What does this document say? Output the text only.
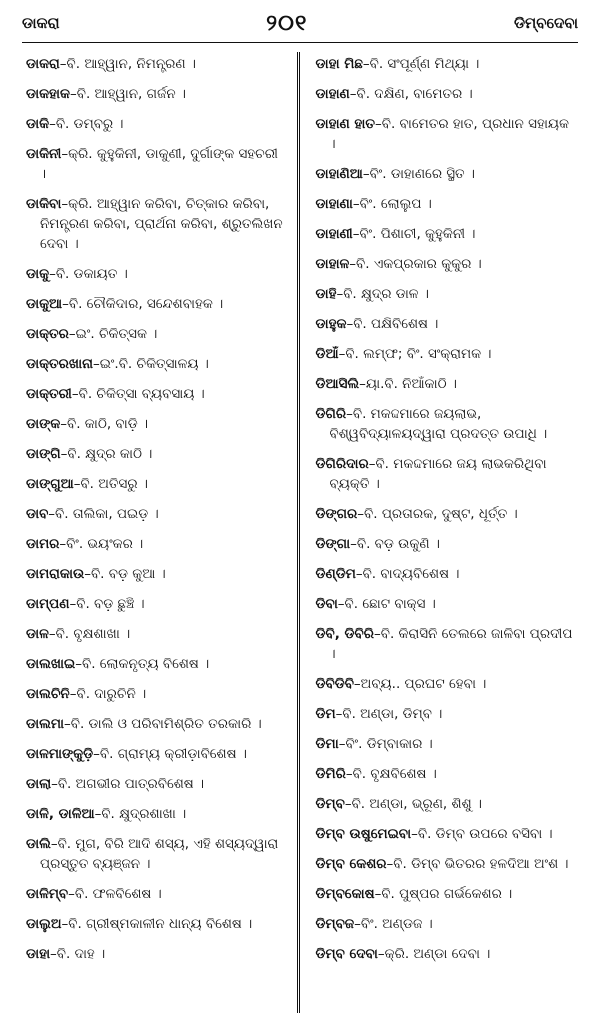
ଡାକରା	୨୦୧	ଡିମ୍ବଦେବା
ଡାକରା–ବି. ଆହ୍ୱାନ, ନିମନ୍ତ୍ରଣ ।
ଡାକହାକ–ବି. ଆହ୍ୱାନ, ଗର୍ଜନ ।
ଡାକି–ବି. ଡମ୍ବରୁ ।
ଡାକିନୀ–କ୍ରି. କୁହୁକିନୀ, ଡାକୁଣୀ, ଦୁର୍ଗାଙ୍କ ସହଚରୀ ।
ଡାକିବା–କ୍ରି. ଆହ୍ୱାନ କରିବା, ଚିତ୍କାର କରିବା, ନିମନ୍ତ୍ରଣ କରିବା, ପ୍ରାର୍ଥନା କରିବା, ଶ୍ରୁତଲିଖନ ଦେବା ।
ଡାକୁ–ବି. ଡକାୟତ ।
ଡାକୁଆ–ବି. ଚୌକିଦାର, ସନ୍ଦେଶବାହକ ।
ଡାକ୍ତର–ଇଂ. ଚିକିତ୍ସକ ।
ଡାକ୍ତରଖାନା–ଇଂ.ବି. ଚିକିତ୍ସାଳୟ ।
ଡାକ୍ତରୀ–ବି. ଚିକିତ୍ସା ବ୍ୟବସାୟ ।
ଡାଙ୍କ–ବି. କାଠି, ବାଡ଼ି ।
ଡାଙ୍ଗି–ବି. କ୍ଷୁଦ୍ର କାଠି ।
ଡାଙ୍ଗୁଆ–ବି. ଅତିସରୁ ।
ଡାବ–ବି. ତାଲିକା, ପଇଡ଼ ।
ଡାମର–ବିଂ. ଭୟଂକର ।
ଡାମରାକାଉ–ବି. ବଡ଼ କୁଆ ।
ଡାମ୍ପଣ–ବି. ବଡ଼ ଛୁଞ୍ଚି ।
ଡାଳ–ବି. ବୃକ୍ଷଶାଖା ।
ଡାଲଖାଇ–ବି. ଲୋକନୃତ୍ୟ ବିଶେଷ ।
ଡାଲଚିନି–ବି. ଦାରୁଚିନି ।
ଡାଲମା–ବି. ଡାଲି ଓ ପରିବାମିଶ୍ରିତ ତରକାରି ।
ଡାଳମାଙ୍କୁଡ଼ି–ବି. ଗ୍ରାମ୍ୟ କ୍ରୀଡ଼ାବିଶେଷ ।
ଡାଲା–ବି. ଅଗଭୀର ପାତ୍ରବିଶେଷ ।
ଡାଳି, ଡାଳିଆ–ବି. କ୍ଷୁଦ୍ରଶାଖା ।
ଡାଲି–ବି. ମୁଗ, ବିରି ଆଦି ଶସ୍ୟ, ଏହି ଶସ୍ୟଦ୍ୱାରା ପ୍ରସ୍ତୁତ ବ୍ୟଞ୍ଜନ ।
ଡାଳିମ୍ବ–ବି. ଫଳବିଶେଷ ।
ଡାଲୁଅ–ବି. ଗ୍ରୀଷ୍ମକାଳୀନ ଧାନ୍ୟ ବିଶେଷ ।
ଡାହା–ବି. ଦାହ ।
ଡାହା ମିଛ–ବି. ସଂପୂର୍ଣ୍ଣ ମିଥ୍ୟା ।
ଡାହାଣ–ବି. ଦକ୍ଷିଣ, ବାମେତର ।
ଡାହାଣ ହାତ–ବି. ବାମେତର ହାତ, ପ୍ରଧାନ ସହାୟକ ।
ଡାହାଣିଆ–ବିଂ. ଡାହାଣରେ ସ୍ଥିତ ।
ଡାହାଣା–ବିଂ. ଲୋଲୁପ ।
ଡାହାଣୀ–ବିଂ. ପିଶାଚୀ, କୁହୁକିନୀ ।
ଡାହାଳ–ବି. ଏକପ୍ରକାର କୁକୁର ।
ଡାହି–ବି. କ୍ଷୁଦ୍ର ଡାଳ ।
ଡାହୁକ–ବି. ପକ୍ଷିବିଶେଷ ।
ଡିଆଁ–ବି. ଲମ୍ଫ; ବିଂ. ସଂକ୍ରାମକ ।
ଡିଆସିଲି–ୟା.ବି. ନିଆଁକାଠି ।
ଡିଗିରି–ବି. ମକଦ୍ଦମାରେ ଜୟଲାଭ, ବିଶ୍ୱବିଦ୍ୟାଳୟଦ୍ୱାରା ପ୍ରଦତ୍ତ ଉପାଧି ।
ଡିଗିରିଦାର–ବି. ମକଦ୍ଦମାରେ ଜୟ ଲାଭକରିଥିବା ବ୍ୟକ୍ତି ।
ଡିଙ୍ଗର–ବି. ପ୍ରତାରକ, ଦୁଷ୍ଟ, ଧୂର୍ତ୍ତ ।
ଡିଙ୍ଗା–ବି. ବଡ଼ ଉକୁଣି ।
ଡିଣ୍ଡିମ–ବି. ବାଦ୍ୟବିଶେଷ ।
ଡିବା–ବି. ଛୋଟ ବାକ୍ସ ।
ଡିବି, ଡିବିରି–ବି. କିରାସିନି ତେଲରେ ଜାଳିବା ପ୍ରଦୀପ ।
ଡିବିଡିବି–ଅବ୍ୟ.. ପ୍ରଘଟ ହେବା ।
ଡିମ–ବି. ଅଣ୍ଡା, ଡିମ୍ବ ।
ଡିମା–ବିଂ. ଡିମ୍ବାକାର ।
ଡିମିରି–ବି. ବୃକ୍ଷବିଶେଷ ।
ଡିମ୍ବ–ବି. ଅଣ୍ଡା, ଭ୍ରୂଣ, ଶିଶୁ ।
ଡିମ୍ବ ଉଷୁମେଇବା–ବି. ଡିମ୍ବ ଉପରେ ବସିବା ।
ଡିମ୍ବ କେଶର–ବି. ଡିମ୍ବ ଭିତରର ହଳଦିଆ ଅଂଶ ।
ଡିମ୍ବକୋଷ–ବି. ପୁଷ୍ପର ଗର୍ଭକେଶର ।
ଡିମ୍ବଜ–ବିଂ. ଅଣ୍ଡଜ ।
ଡିମ୍ବ ଦେବା–କ୍ରି. ଅଣ୍ଡା ଦେବା ।
